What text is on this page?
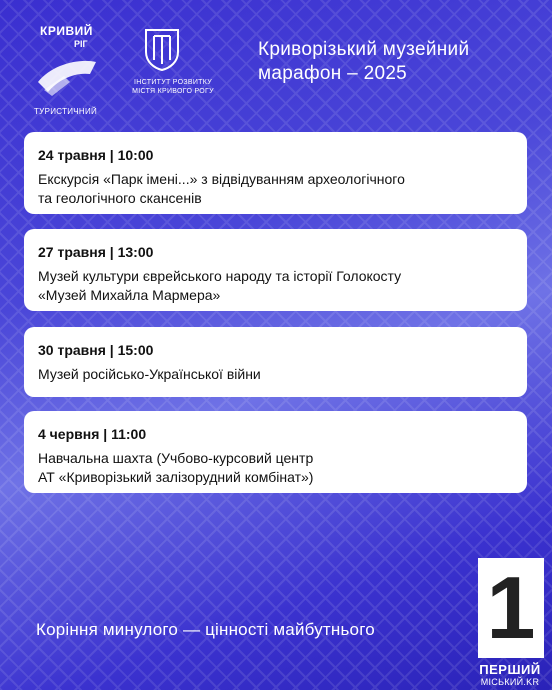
КРИВИЙ
РІГ
ТУРИСТИЧНИЙ
ІНСТИТУТ РОЗВИТКУ
МІСТЯ КРИВОГО РОГУ
Криворізький музейний
марафон – 2025
24 травня | 10:00
Екскурсія «Парк імені...» з відвідуванням археологічного
та геологічного скансенів
27 травня | 13:00
Музей культури єврейського народу та історії Голокосту
«Музей Михайла Мармера»
30 травня | 15:00
Музей російсько-Української війни
4 червня | 11:00
Навчальна шахта (Учбово-курсовий центр
АТ «Криворізький залізорудний комбінат»)
Коріння минулого — цінності майбутнього 1
ПЕРШИЙ
МІСЬКИЙ.KR
